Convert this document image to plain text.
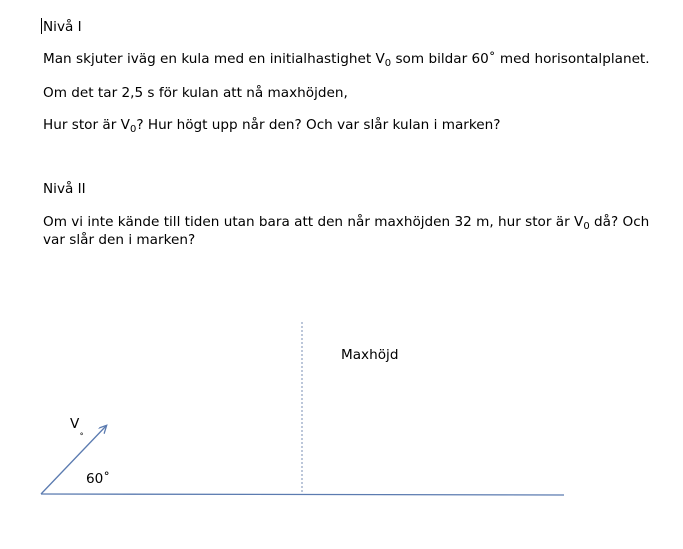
Nivå I
Man skjuter iväg en kula med en initialhastighet $V_0$ som bildar 60˚ med horisontalplanet.
Om det tar 2,5 s för kulan att nå maxhöjden,
Hur stor är $V_0$? Hur högt upp når den? Och var slår kulan i marken?
Nivå II
Om vi inte kände till tiden utan bara att den når maxhöjden 32 m, hur stor är $V_0$ då? Och var slår den i marken?
Maxhöjd
$V_˳$
60˚
